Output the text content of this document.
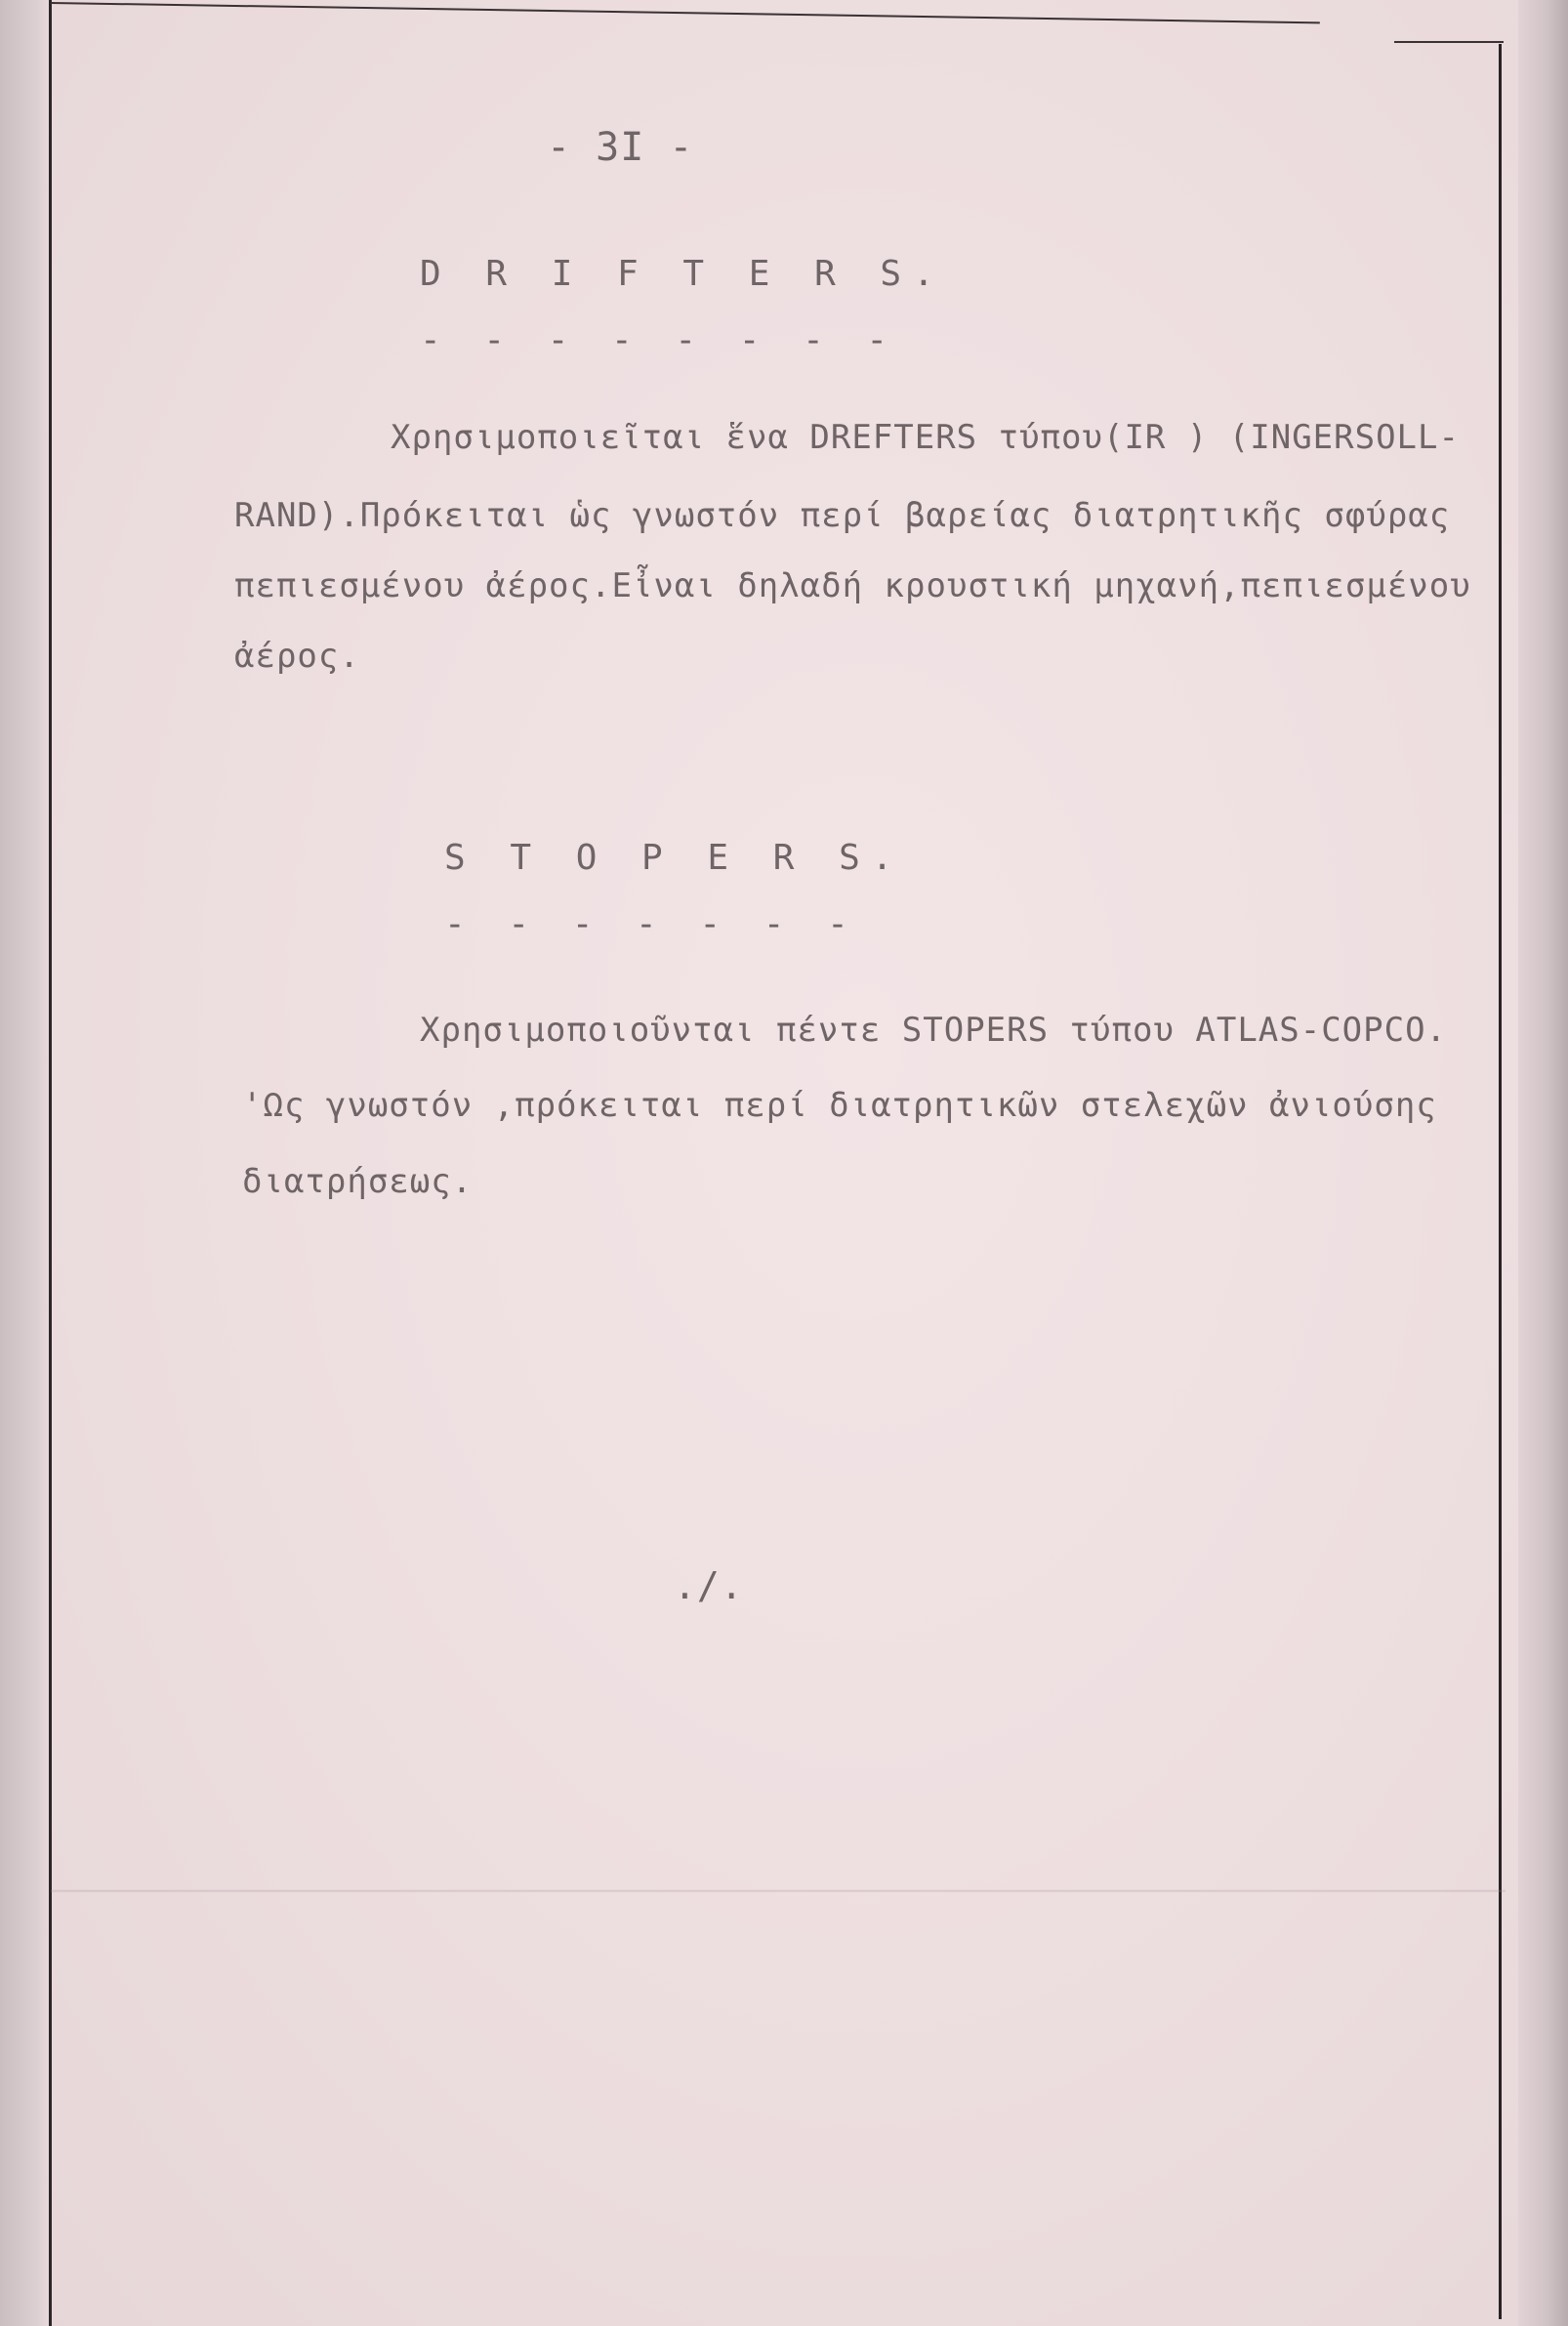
- 3I -
D R I F T E R S.
- - - - - - - -
Χρησιμοποιεῖται ἕνα DREFTERS τύπου(IR ) (INGERSOLL-
RAND).Πρόκειται ὡς γνωστόν περί βαρείας διατρητικῆς σφύρας
πεπιεσμένου ἀέρος.Εἶναι δηλαδή κρουστική μηχανή,πεπιεσμένου
ἀέρος.
S T O P E R S.
- - - - - - -
Χρησιμοποιοῦνται πέντε STOPERS τύπου ATLAS-COPCO.
'Ως γνωστόν ,πρόκειται περί διατρητικῶν στελεχῶν ἀνιούσης
διατρήσεως.
./.
